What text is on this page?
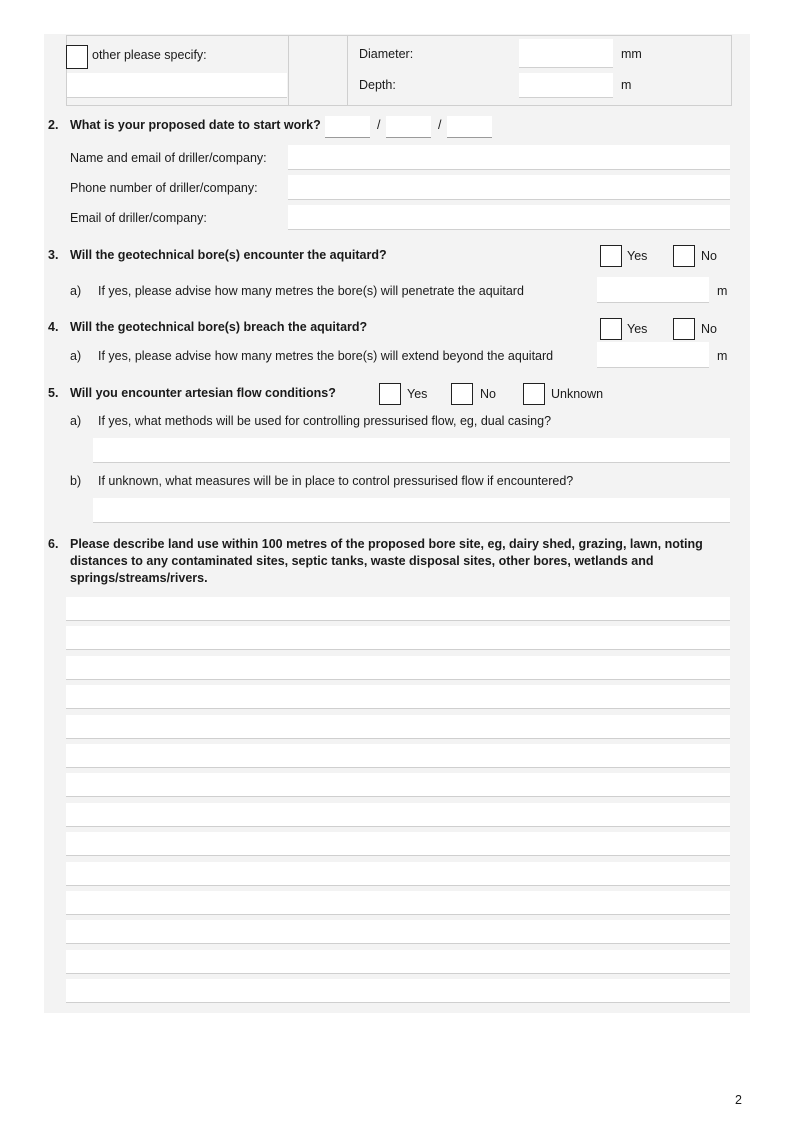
other please specify:	Diameter:	mm
Depth:	m
2. What is your proposed date to start work?	/	/
Name and email of driller/company:
Phone number of driller/company:
Email of driller/company:
3. Will the geotechnical bore(s) encounter the aquitard?	Yes	No
a) If yes, please advise how many metres the bore(s) will penetrate the aquitard	m
4. Will the geotechnical bore(s) breach the aquitard?	Yes	No
a) If yes, please advise how many metres the bore(s) will extend beyond the aquitard	m
5. Will you encounter artesian flow conditions?	Yes	No	Unknown
a) If yes, what methods will be used for controlling pressurised flow, eg, dual casing?
b) If unknown, what measures will be in place to control pressurised flow if encountered?
6. Please describe land use within 100 metres of the proposed bore site, eg, dairy shed, grazing, lawn, noting distances to any contaminated sites, septic tanks, waste disposal sites, other bores, wetlands and springs/streams/rivers.
2
